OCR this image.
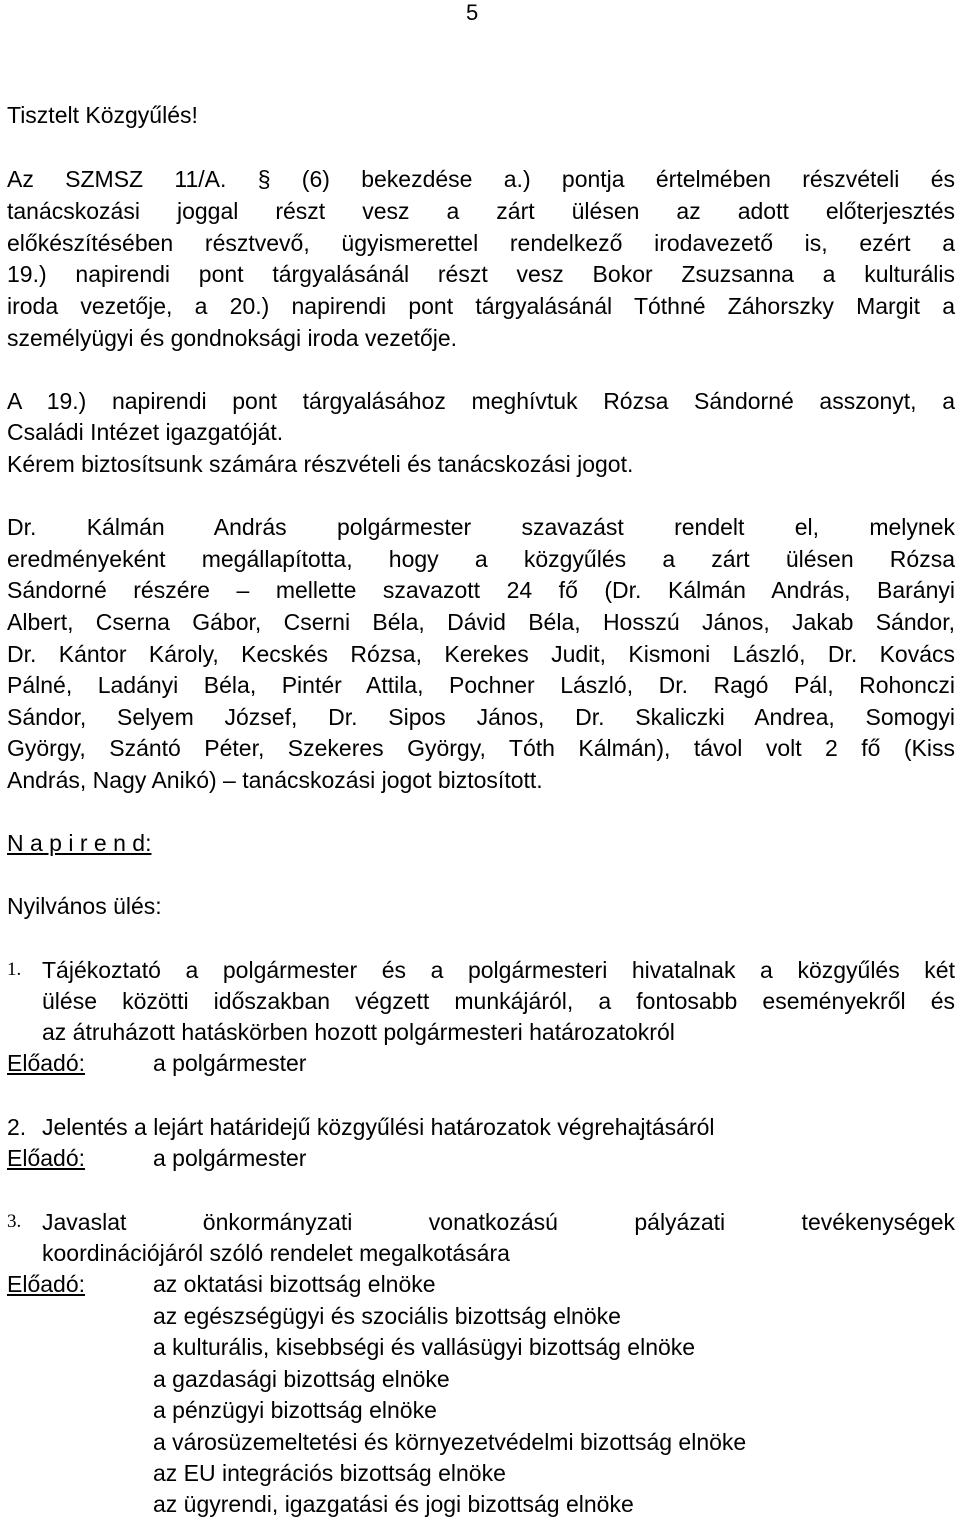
5
Tisztelt Közgyűlés!
Az SZMSZ 11/A. § (6) bekezdése a.) pontja értelmében részvételi és
tanácskozási joggal részt vesz a zárt ülésen az adott előterjesztés
előkészítésében résztvevő, ügyismerettel rendelkező irodavezető is, ezért a
19.) napirendi pont tárgyalásánál részt vesz Bokor Zsuzsanna a kulturális
iroda vezetője, a 20.) napirendi pont tárgyalásánál Tóthné Záhorszky Margit a
személyügyi és gondnoksági iroda vezetője.
A 19.) napirendi pont tárgyalásához meghívtuk Rózsa Sándorné asszonyt, a
Családi Intézet igazgatóját.
Kérem biztosítsunk számára részvételi és tanácskozási jogot.
Dr. Kálmán András polgármester szavazást rendelt el, melynek
eredményeként megállapította, hogy a közgyűlés a zárt ülésen Rózsa
Sándorné részére – mellette szavazott 24 fő (Dr. Kálmán András, Barányi
Albert, Cserna Gábor, Cserni Béla, Dávid Béla, Hosszú János, Jakab Sándor,
Dr. Kántor Károly, Kecskés Rózsa, Kerekes Judit, Kismoni László, Dr. Kovács
Pálné, Ladányi Béla, Pintér Attila, Pochner László, Dr. Ragó Pál, Rohonczi
Sándor, Selyem József, Dr. Sipos János, Dr. Skaliczki Andrea, Somogyi
György, Szántó Péter, Szekeres György, Tóth Kálmán), távol volt 2 fő (Kiss
András, Nagy Anikó) – tanácskozási jogot biztosított.
N a p i r e n d:
Nyilvános ülés:
1. Tájékoztató a polgármester és a polgármesteri hivatalnak a közgyűlés két
ülése közötti időszakban végzett munkájáról, a fontosabb eseményekről és
az átruházott hatáskörben hozott polgármesteri határozatokról
Előadó:	a polgármester
2. Jelentés a lejárt határidejű közgyűlési határozatok végrehajtásáról
Előadó:	a polgármester
3. Javaslat önkormányzati vonatkozású pályázati tevékenységek
koordinációjáról szóló rendelet megalkotására
Előadó:	az oktatási bizottság elnöke
az egészségügyi és szociális bizottság elnöke
a kulturális, kisebbségi és vallásügyi bizottság elnöke
a gazdasági bizottság elnöke
a pénzügyi bizottság elnöke
a városüzemeltetési és környezetvédelmi bizottság elnöke
az EU integrációs bizottság elnöke
az ügyrendi, igazgatási és jogi bizottság elnöke
